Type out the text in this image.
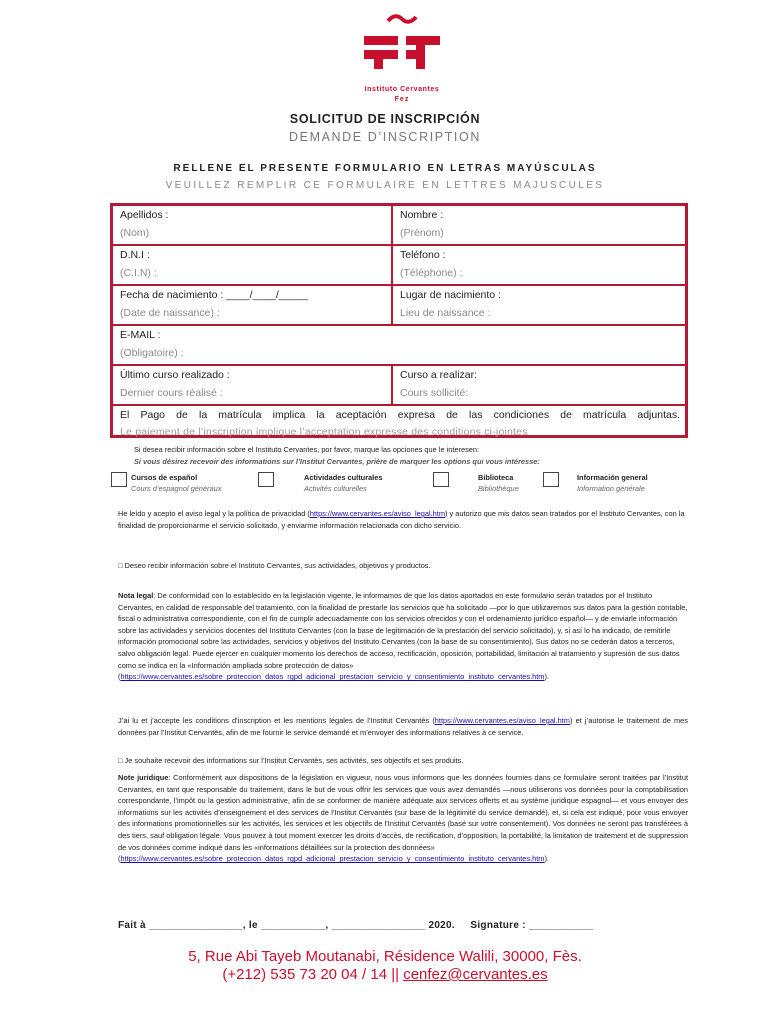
Instituto Cervantes
Fez
SOLICITUD DE INSCRIPCIÓN
DEMANDE D’INSCRIPTION
RELLENE EL PRESENTE FORMULARIO EN LETRAS MAYÚSCULAS
VEUILLEZ REMPLIR CE FORMULAIRE EN LETTRES MAJUSCULES
Apellidos :
(Nom)
Nombre :
(Prénom)
D.N.I :
(C.I.N) :
Teléfono :
(Téléphone) :
Fecha de nacimiento : ____/____/_____
(Date de naissance) :
Lugar de nacimiento :
Lieu de naissance :
E-MAIL :
(Obligatoire) :
Último curso realizado :
Dernier cours réalisé :
Curso a realizar:
Cours sollicité:
El Pago de la matrícula implica la aceptación expresa de las condiciones de matrícula adjuntas.
Le paiement de l’inscription implique l’acceptation expresse des conditions ci-jointes
Si desea recibir información sobre el Instituto Cervantes, por favor, marque las opciones que le interesen:
Si vous désirez recevoir des informations sur l’Institut Cervantes, prière de marquer les options qui vous intéresse:
Cursos de español
Cours d’espagnol généraux
Actividades culturales
Activités culturelles
Biblioteca
Bibliothèque
Información general
Information générale
He leído y acepto el aviso legal y la política de privacidad (https://www.cervantes.es/aviso_legal.htm) y autorizo que mis datos sean tratados por el Instituto Cervantes, con la finalidad de proporcionarme el servicio solicitado, y enviarme información relacionada con dicho servicio.
□ Deseo recibir información sobre el Instituto Cervantes, sus actividades, objetivos y productos.
Nota legal: De conformidad con lo establecido en la legislación vigente, le informamos de que los datos aportados en este formulario serán tratados por el Instituto Cervantes, en calidad de responsable del tratamiento, con la finalidad de prestarle los servicios que ha solicitado —por lo que utilizaremos sus datos para la gestión contable, fiscal o administrativa correspondiente, con el fin de cumplir adecuadamente con los servicios ofrecidos y con el ordenamiento jurídico español— y de enviarle información sobre las actividades y servicios docentes del Instituto Cervantes (con la base de legitimación de la prestación del servicio solicitado), y, si así lo ha indicado, de remitirle información promocional sobre las actividades, servicios y objetivos del Instituto Cervantes (con la base de su consentimiento). Sus datos no se cederán datos a terceros, salvo obligación legal. Puede ejercer en cualquier momento los derechos de acceso, rectificación, oposición, portabilidad, limitación al tratamiento y supresión de sus datos como se indica en la «Información ampliada sobre protección de datos»
(https://www.cervantes.es/sobre_proteccion_datos_rgpd_adicional_prestacion_servicio_y_consentimiento_instituto_cervantes.htm).
J’ai lu et j’accepte les conditions d’inscription et les mentions légales de l’Institut Cervantès (https://www.cervantes.es/aviso_legal.htm) et j’autorise le traitement de mes données par l’Institut Cervantès, afin de me fournir le service demandé et m’envoyer des informations relatives à ce service.
□ Je souhaite recevoir des informations sur l’Institut Cervantès, ses activités, ses objectifs et ses produits.
Note juridique: Conformément aux dispositions de la législation en vigueur, nous vous informons que les données fournies dans ce formulaire seront traitées par l’Institut Cervantes, en tant que responsable du traitement, dans le but de vous offrir les services que vous avez demandés —nous utiliserons vos données pour la comptabilisation correspondante, l’impôt ou la gestion administrative, afin de se conformer de manière adéquate aux services offerts et au système juridique espagnol— et vous envoyer des informations sur les activités d’enseignement et des services de l’Institut Cervantès (sur base de la légitimité du service demandé), et, si cela est indiqué, pour vous envoyer des informations promotionnelles sur les activités, les services et les objectifs de l’Institut Cervantès (basé sur votre consentement). Vos données ne seront pas transférées à des tiers, sauf obligation légale. Vous pouvez à tout moment exercer les droits d’accès, de rectification, d’opposition, la portabilité, la limitation de traitement et de suppression de vos données comme indiqué dans les «informations détaillées sur la protection des données»
(https://www.cervantes.es/sobre_proteccion_datos_rgpd_adicional_prestacion_servicio_y_consentimiento_instituto_cervantes.htm).
Fait à ________________, le ___________, ________________ 2020.     Signature : ___________
5, Rue Abi Tayeb Moutanabi, Résidence Walili, 30000, Fès.
(+212) 535 73 20 04 / 14 || cenfez@cervantes.es
